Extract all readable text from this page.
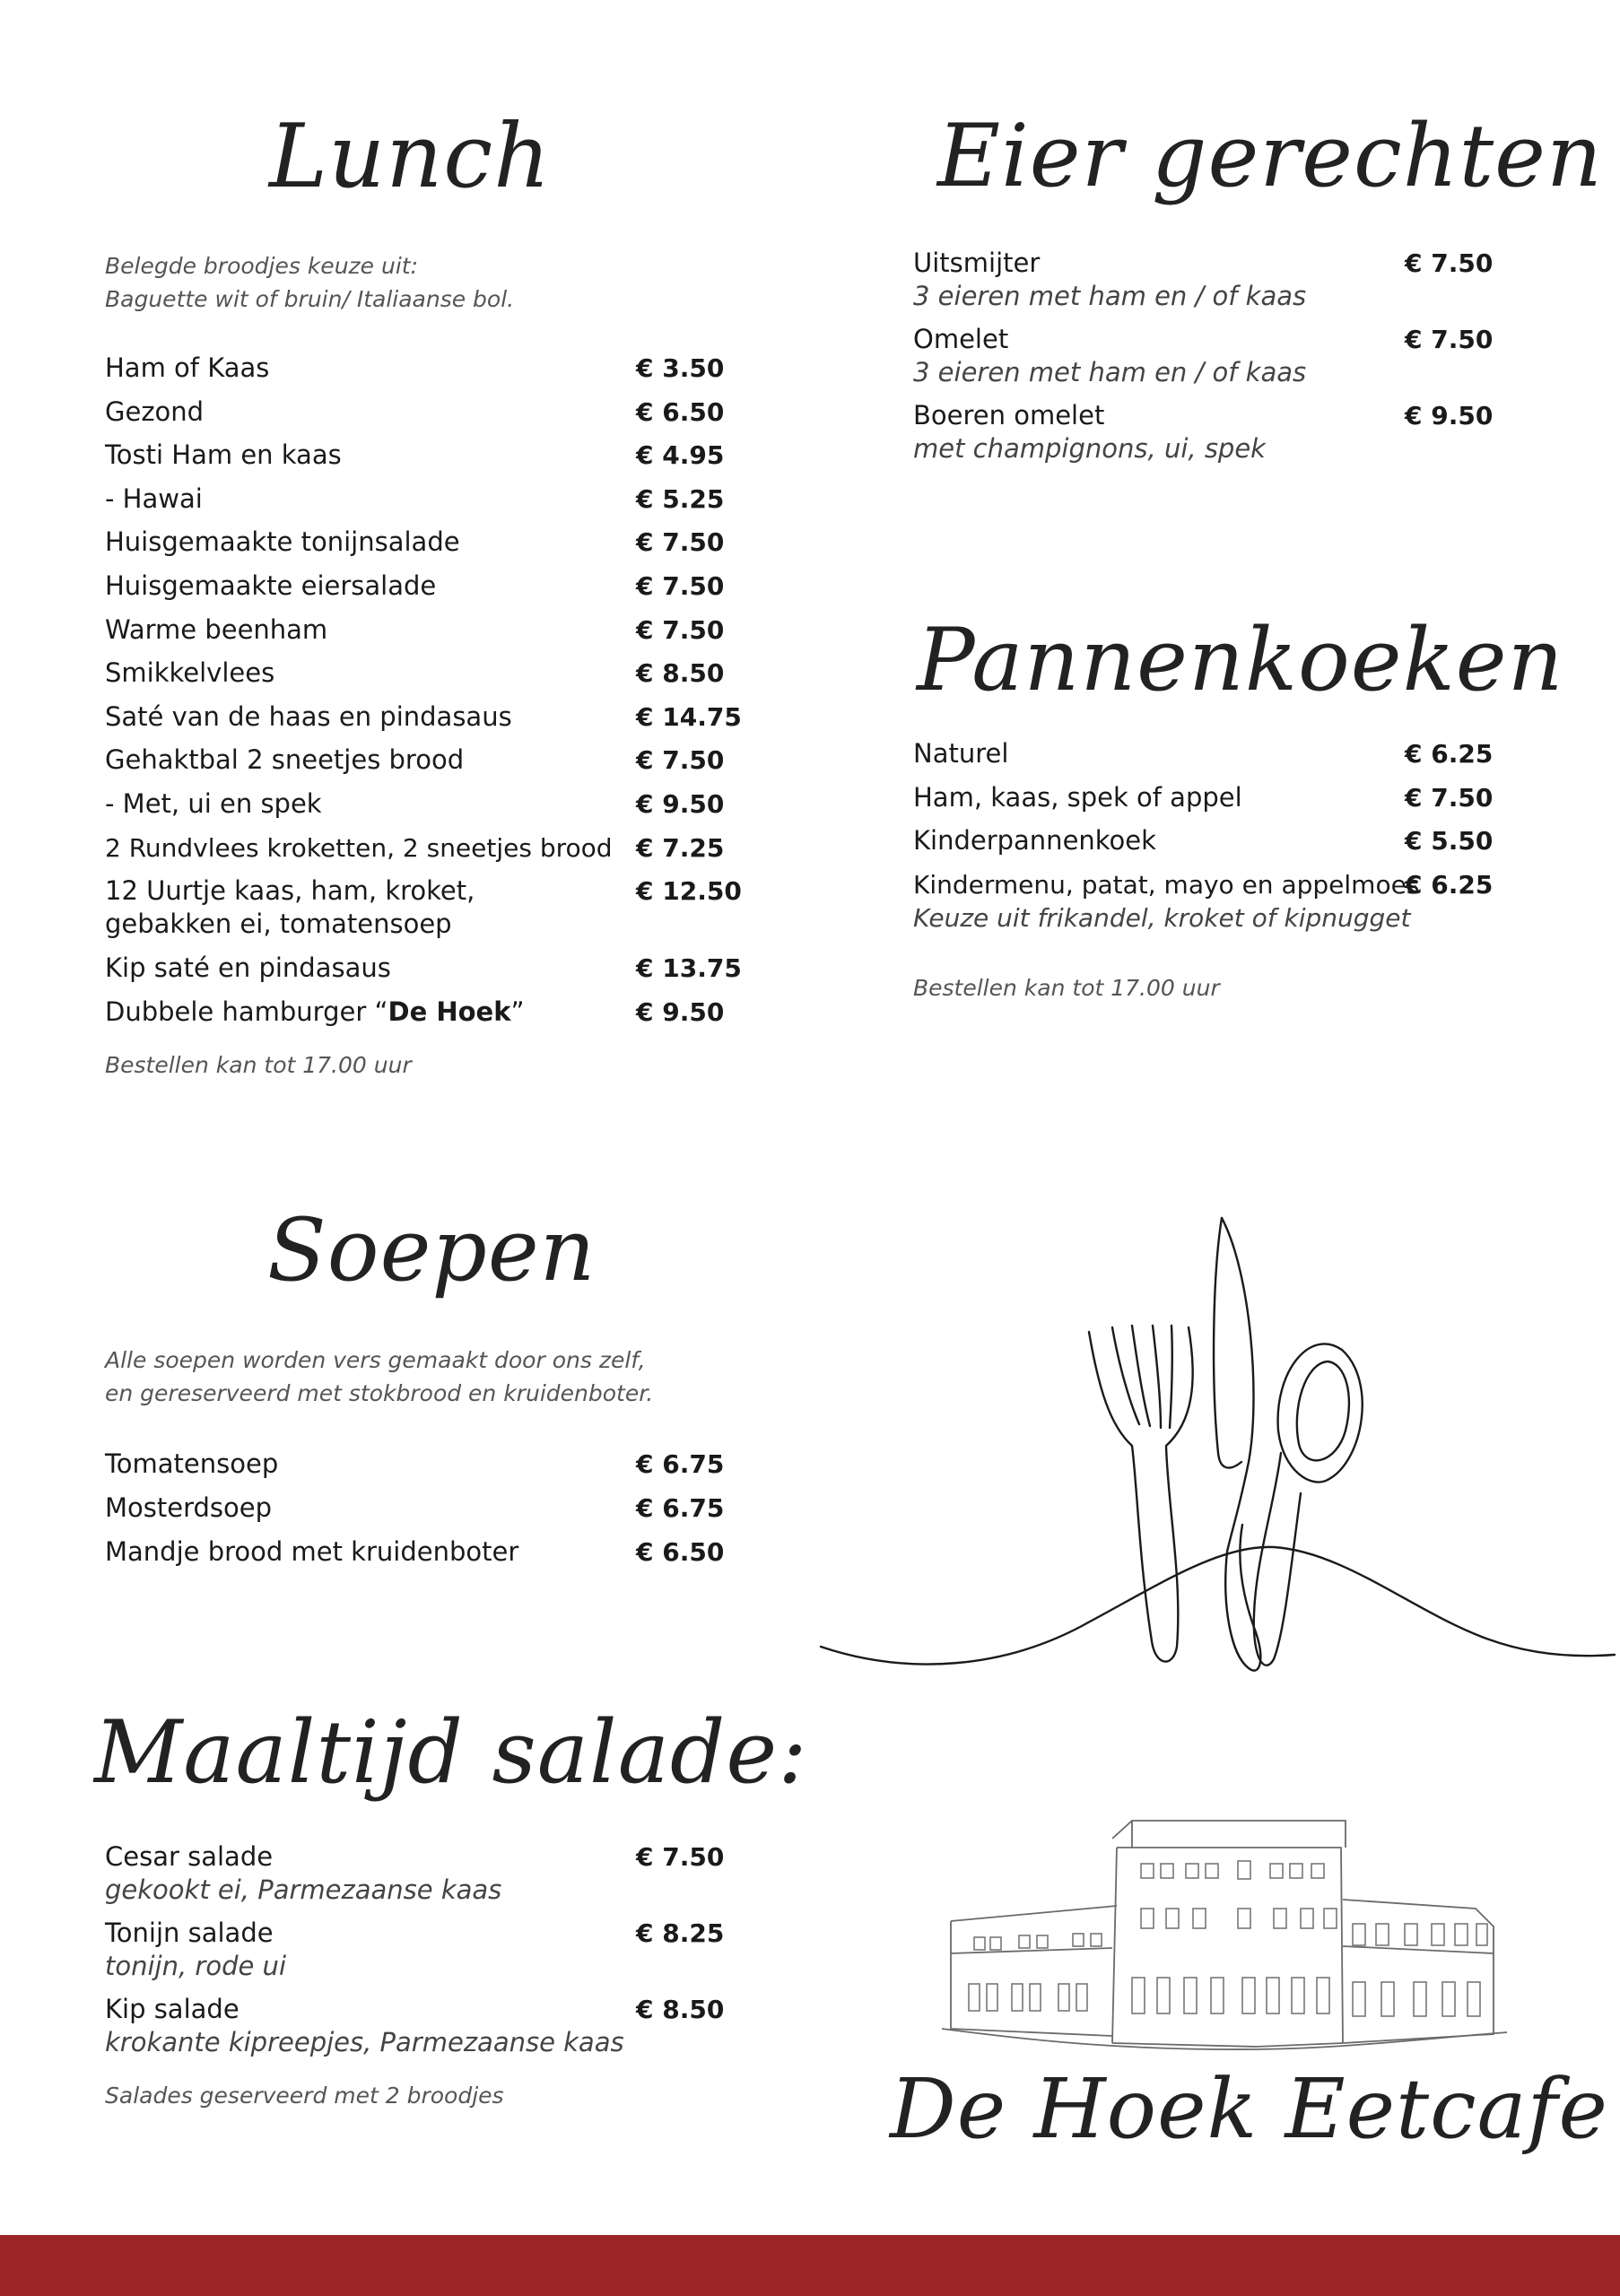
Lunch
Belegde broodjes keuze uit:
Baguette wit of bruin/ Italiaanse bol.
Ham of Kaas	€ 3.50
Gezond	€ 6.50
Tosti Ham en kaas	€ 4.95
- Hawai	€ 5.25
Huisgemaakte tonijnsalade	€ 7.50
Huisgemaakte eiersalade	€ 7.50
Warme beenham	€ 7.50
Smikkelvlees	€ 8.50
Saté van de haas en pindasaus	€ 14.75
Gehaktbal 2 sneetjes brood	€ 7.50
- Met, ui en spek	€ 9.50
2 Rundvlees kroketten, 2 sneetjes brood € 7.25
12 Uurtje kaas, ham, kroket,
gebakken ei, tomatensoep
€ 12.50
Kip saté en pindasaus	€ 13.75
Dubbele hamburger “De Hoek”	€ 9.50
Bestellen kan tot 17.00 uur
Eier gerechten
Uitsmijter
3 eieren met ham en / of kaas
€ 7.50
Omelet
3 eieren met ham en / of kaas
€ 7.50
Boeren omelet
met champignons, ui, spek
€ 9.50
Pannenkoeken
Naturel	€ 6.25
Ham, kaas, spek of appel	€ 7.50
Kinderpannenkoek	€ 5.50
Kindermenu, patat, mayo en appelmoes
Keuze uit frikandel, kroket of kipnugget
€ 6.25
Bestellen kan tot 17.00 uur
Soepen
Alle soepen worden vers gemaakt door ons zelf,
en gereserveerd met stokbrood en kruidenboter.
Tomatensoep	€ 6.75
Mosterdsoep	€ 6.75
Mandje brood met kruidenboter	€ 6.50
Maaltijd salade:
Cesar salade
gekookt ei, Parmezaanse kaas
€ 7.50
Tonijn salade
tonijn, rode ui
€ 8.25
Kip salade
krokante kipreepjes, Parmezaanse kaas
€ 8.50
Salades geserveerd met 2 broodjes	De Hoek Eetcafe
